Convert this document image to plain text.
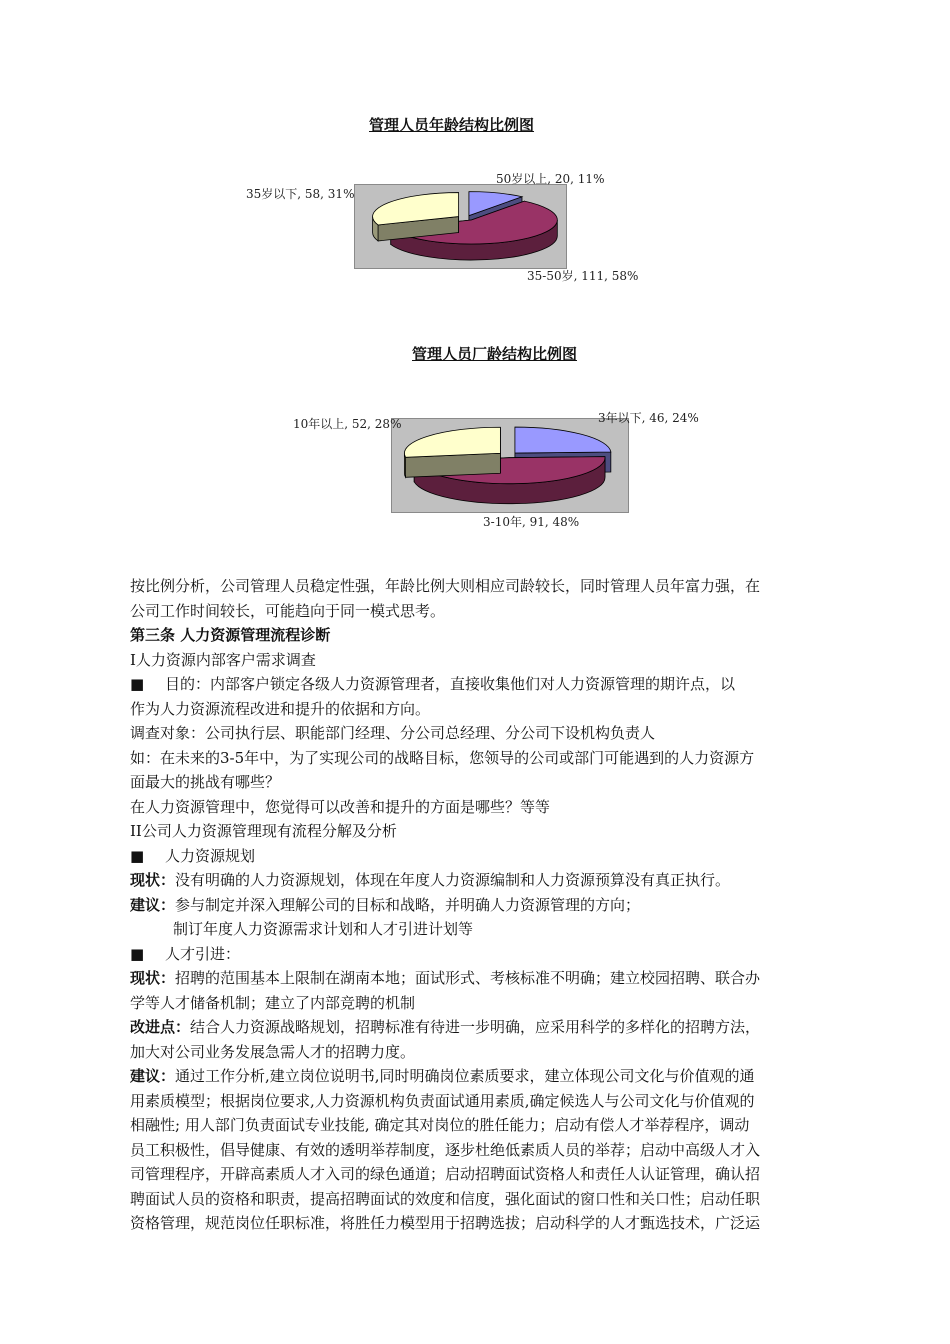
管理人员年龄结构比例图
50岁以上, 20, 11%
35-50岁, 111, 58%
35岁以下, 58, 31%
管理人员厂龄结构比例图
3年以下, 46, 24%
3-10年, 91, 48%
10年以上, 52, 28%

按比例分析，公司管理人员稳定性强，年龄比例大则相应司龄较长，同时管理人员年富力强，在

公司工作时间较长，可能趋向于同一模式思考。

第三条 人力资源管理流程诊断

I人力资源内部客户需求调查

■ 目的：内部客户锁定各级人力资源管理者，直接收集他们对人力资源管理的期许点，以

作为人力资源流程改进和提升的依据和方向。

调查对象：公司执行层、职能部门经理、分公司总经理、分公司下设机构负责人

如：在未来的3-5年中，为了实现公司的战略目标，您领导的公司或部门可能遇到的人力资源方

面最大的挑战有哪些？

在人力资源管理中，您觉得可以改善和提升的方面是哪些？等等

II公司人力资源管理现有流程分解及分析

■ 人力资源规划

现状：没有明确的人力资源规划，体现在年度人力资源编制和人力资源预算没有真正执行。

建议：参与制定并深入理解公司的目标和战略，并明确人力资源管理的方向；

制订年度人力资源需求计划和人才引进计划等

■ 人才引进：

现状：招聘的范围基本上限制在湖南本地；面试形式、考核标准不明确；建立校园招聘、联合办

学等人才储备机制；建立了内部竞聘的机制

改进点：结合人力资源战略规划，招聘标准有待进一步明确，应采用科学的多样化的招聘方法，

加大对公司业务发展急需人才的招聘力度。

建议：通过工作分析,建立岗位说明书,同时明确岗位素质要求，建立体现公司文化与价值观的通

用素质模型；根据岗位要求,人力资源机构负责面试通用素质,确定候选人与公司文化与价值观的

相融性; 用人部门负责面试专业技能, 确定其对岗位的胜任能力；启动有偿人才举荐程序，调动

员工积极性，倡导健康、有效的透明举荐制度，逐步杜绝低素质人员的举荐；启动中高级人才入

司管理程序，开辟高素质人才入司的绿色通道；启动招聘面试资格人和责任人认证管理，确认招

聘面试人员的资格和职责，提高招聘面试的效度和信度，强化面试的窗口性和关口性；启动任职

资格管理，规范岗位任职标准，将胜任力模型用于招聘选拔；启动科学的人才甄选技术，广泛运
